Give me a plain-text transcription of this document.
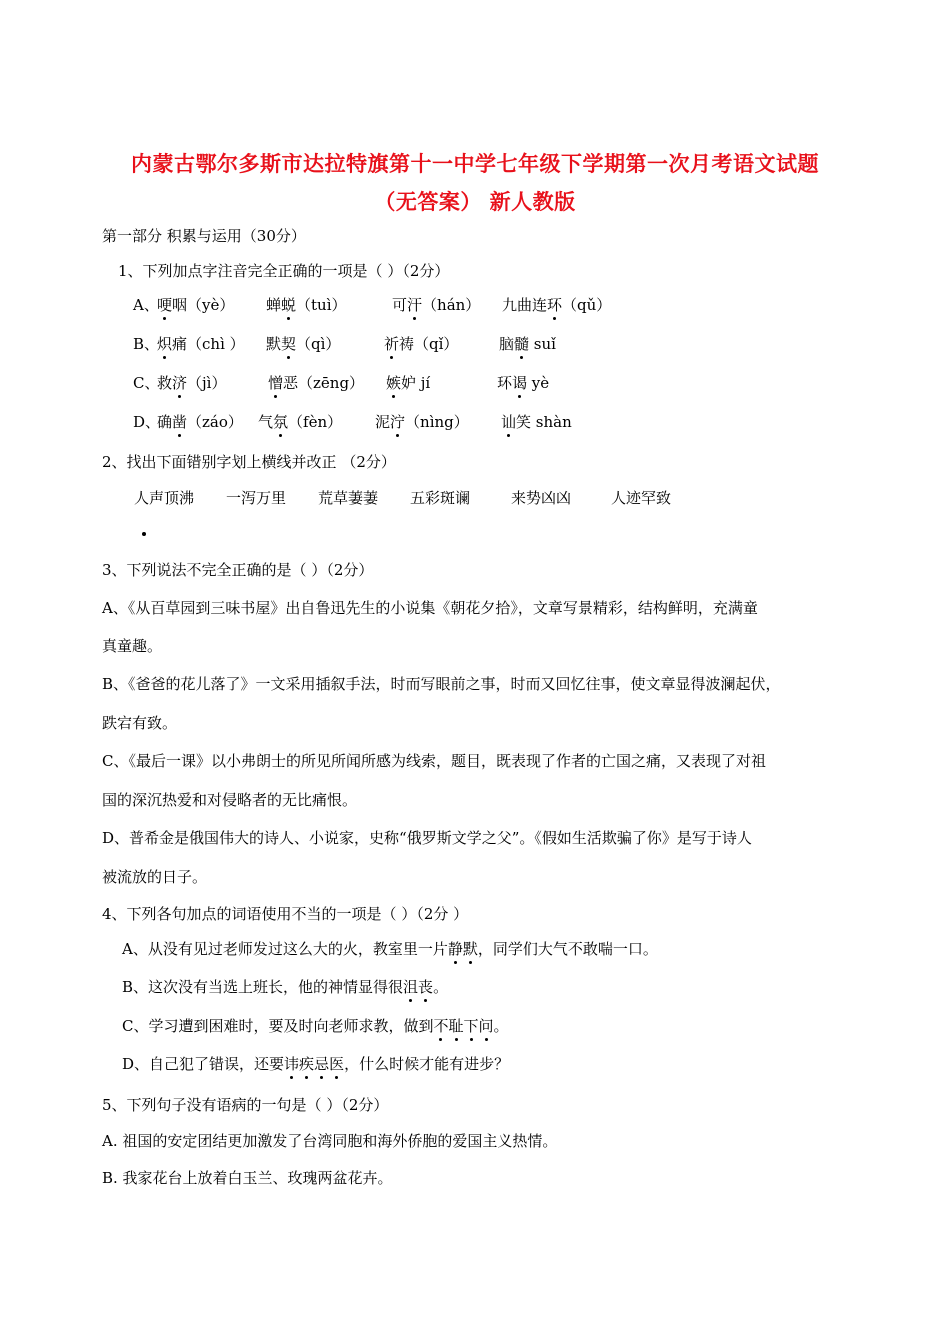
内蒙古鄂尔多斯市达拉特旗第十一中学七年级下学期第一次月考语文试题
（无答案） 新人教版
第一部分 积累与运用（30分）
1、下列加点字注音完全正确的一项是（ ）（2分）
A、
哽咽（yè） 蝉蜕（tuì）	可汗（hán） 九曲连环（qǔ）
B、
炽痛（chì ） 默契（qì）	祈祷（qǐ）	脑髓 suǐ
C、
救济（jì）	憎恶（zēng） 嫉妒 jí	环谒 yè
D、
确凿（záo） 气氛（fèn） 泥泞（nìng） 讪笑 shàn
2、找出下面错别字划上横线并改正 （2分）
人声顶沸 一泻万里 荒草萋萋 五彩斑谰	来势凶凶	人迹罕致
3、下列说法不完全正确的是（ ）（2分）
A、《从百草园到三味书屋》出自鲁迅先生的小说集《朝花夕拾》，文章写景精彩，结构鲜明，充满童
真童趣。
B、《爸爸的花儿落了》一文采用插叙手法，时而写眼前之事，时而又回忆往事，使文章显得波澜起伏，
跌宕有致。
C、《最后一课》以小弗朗士的所见所闻所感为线索，题目，既表现了作者的亡国之痛，又表现了对祖
国的深沉热爱和对侵略者的无比痛恨。
D、普希金是俄国伟大的诗人、小说家，史称“俄罗斯文学之父”。《假如生活欺骗了你》是写于诗人
被流放的日子。
4、下列各句加点的词语使用不当的一项是（ ）（2分 ）
A、从没有见过老师发过这么大的火，教室里一片静默，同学们大气不敢喘一口。
B、这次没有当选上班长，他的神情显得很沮丧。
C、学习遭到困难时，要及时向老师求教，做到不耻下问。
D、自己犯了错误，还要讳疾忌医，什么时候才能有进步？
5、下列句子没有语病的一句是（ ）（2分）
A. 祖国的安定团结更加激发了台湾同胞和海外侨胞的爱国主义热情。
B. 我家花台上放着白玉兰、玫瑰两盆花卉。
